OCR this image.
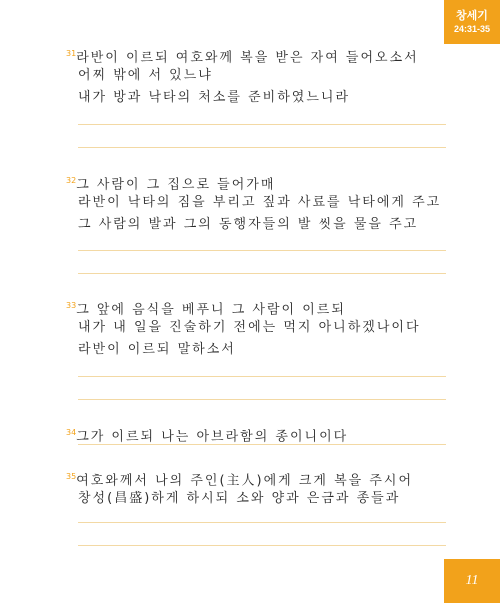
창세기
24:31-35
$^{31}$라반이 이르되 여호와께 복을 받은 자여 들어오소서
어찌 밖에 서 있느냐
내가 방과 낙타의 처소를 준비하였느니라
$^{32}$그 사람이 그 집으로 들어가매
라반이 낙타의 짐을 부리고 짚과 사료를 낙타에게 주고
그 사람의 발과 그의 동행자들의 발 씻을 물을 주고
$^{33}$그 앞에 음식을 베푸니 그 사람이 이르되
내가 내 일을 진술하기 전에는 먹지 아니하겠나이다
라반이 이르되 말하소서
$^{34}$그가 이르되 나는 아브라함의 종이니이다
$^{35}$여호와께서 나의 주인(主人)에게 크게 복을 주시어
창성(昌盛)하게 하시되 소와 양과 은금과 종들과
11
